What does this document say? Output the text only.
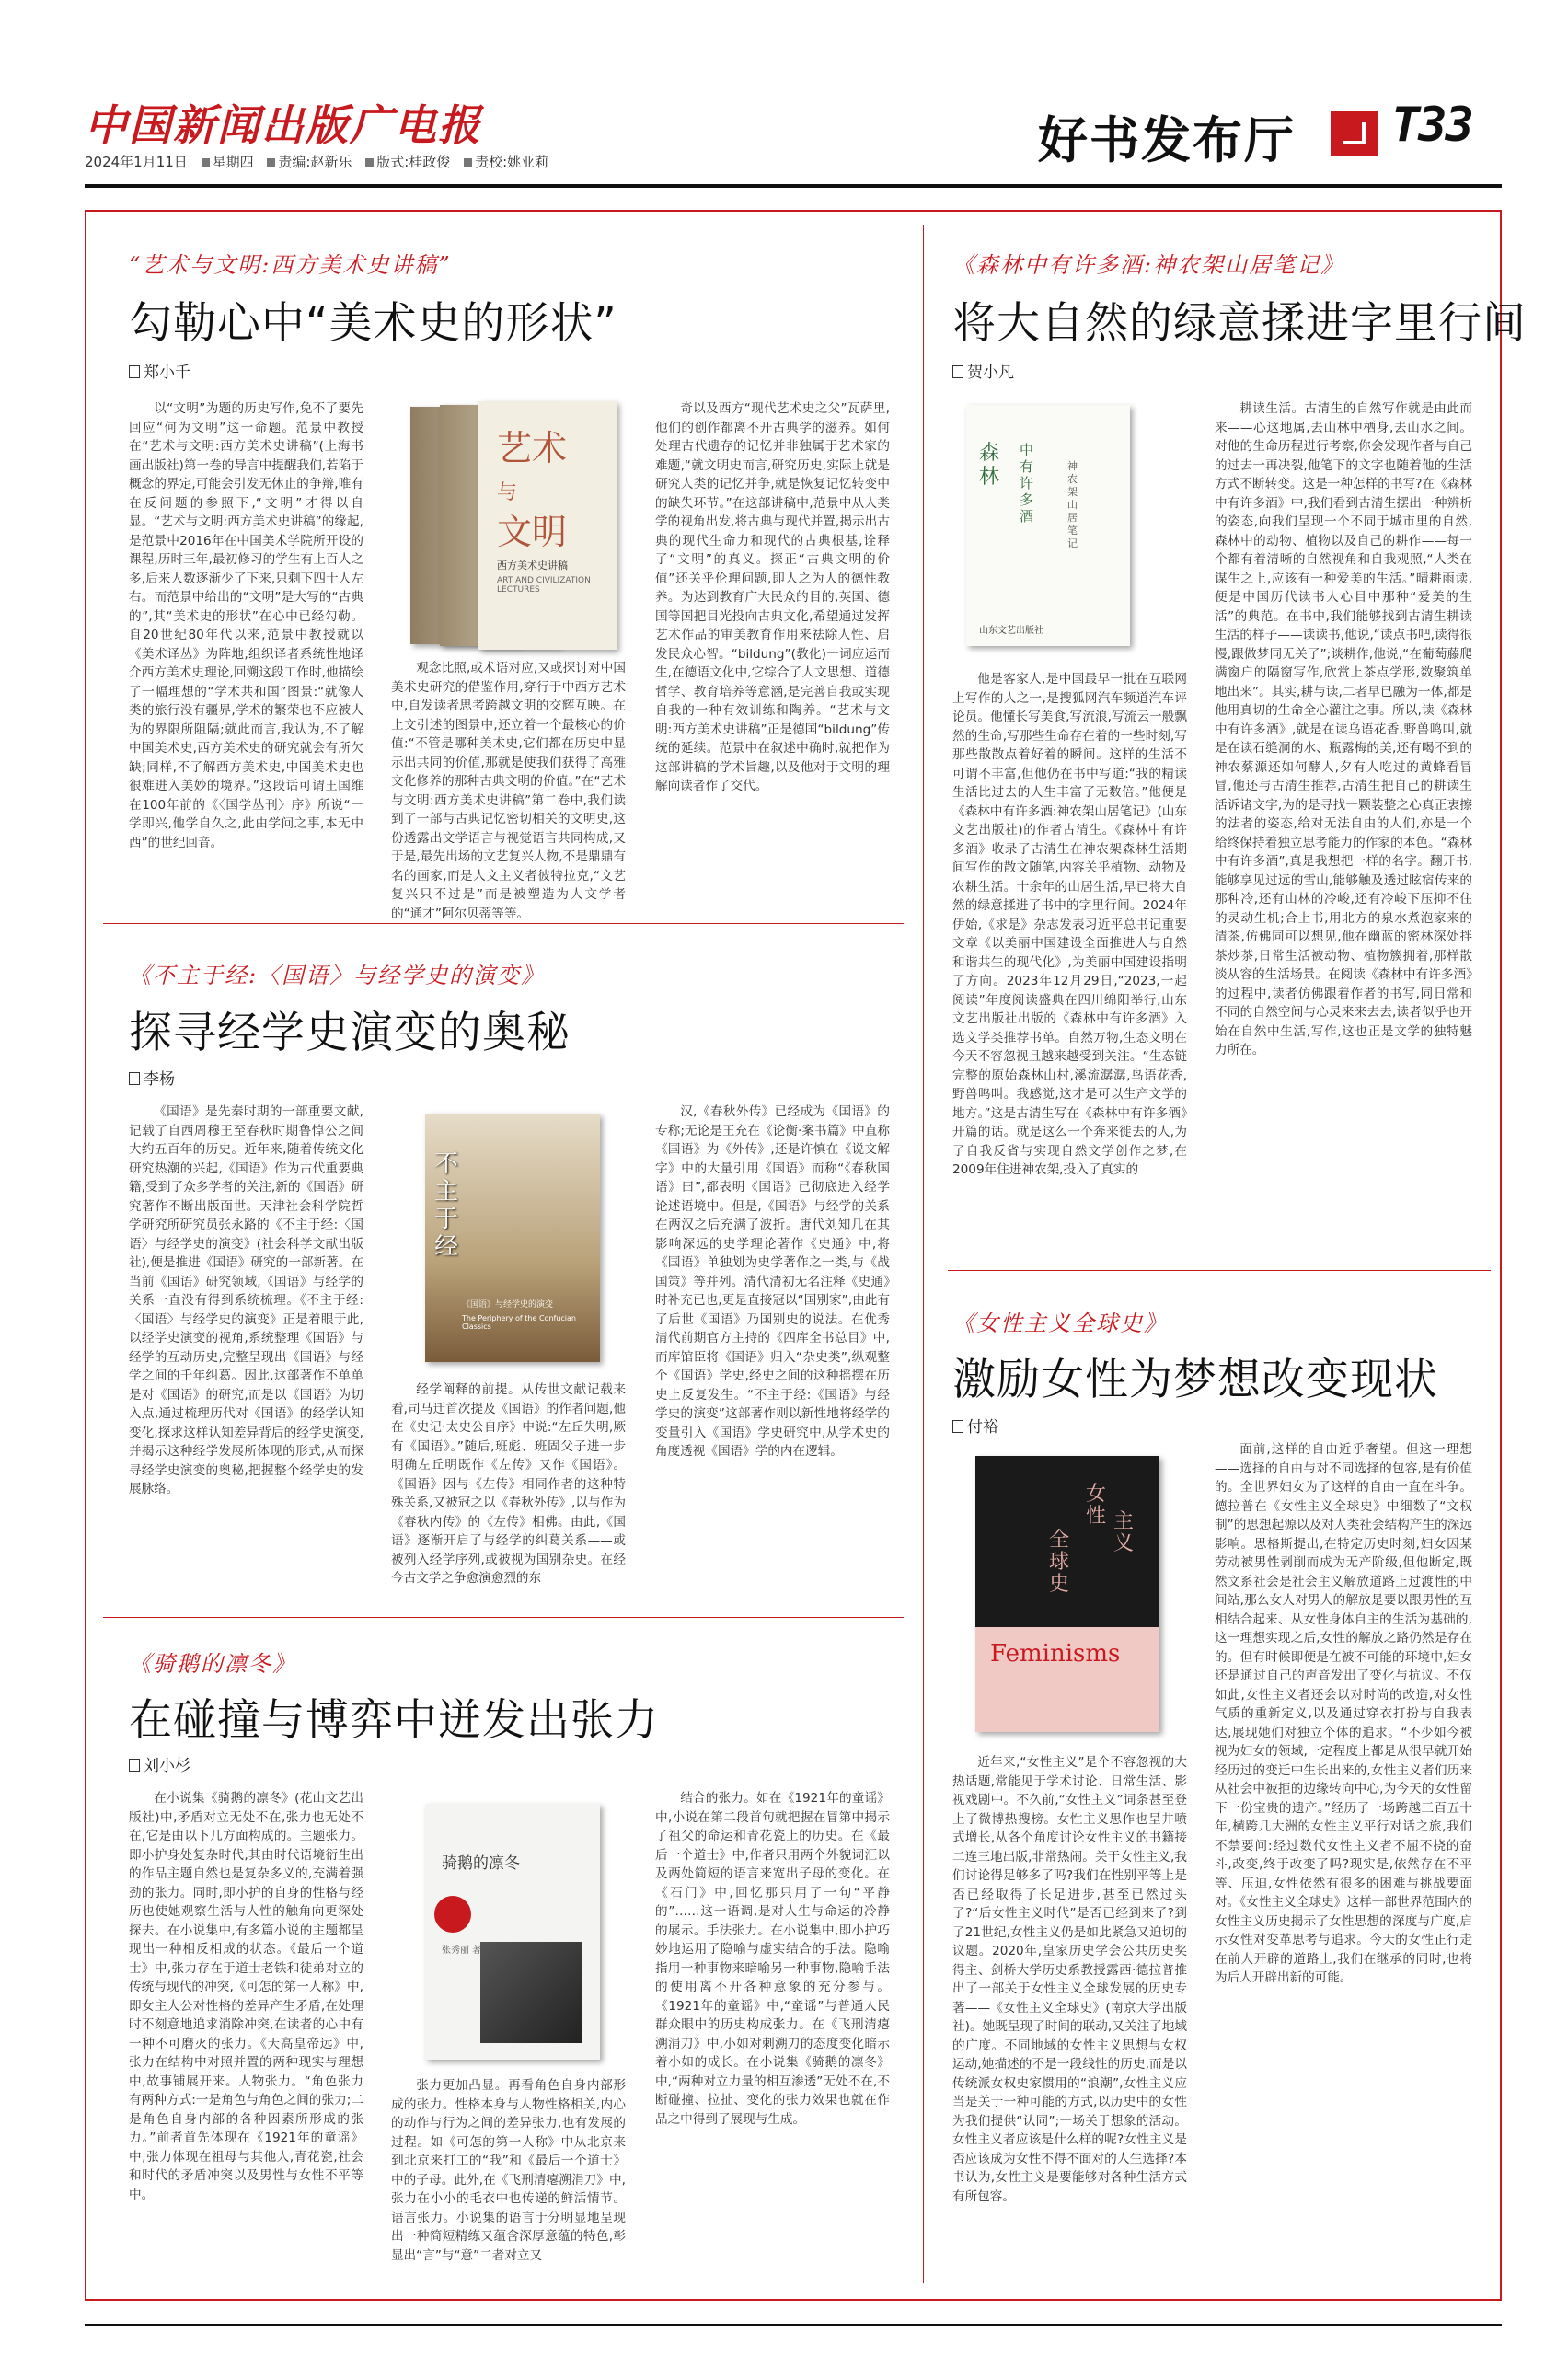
中国新闻出版广电报
2024年1月11日 星期四 责编:赵新乐 版式:桂政俊 责校:姚亚莉	好书发布厅 T33
“艺术与文明:西方美术史讲稿”
勾勒心中“美术史的形状”
郑小千
以“文明”为题的历史写作,免不了要先回应“何为文明”这一命题。范景中教授在“艺术与文明:西方美术史讲稿”(上海书画出版社)第一卷的导言中提醒我们,若陷于概念的界定,可能会引发无休止的争辩,唯有在反问题的参照下,“文明”才得以自显。“艺术与文明:西方美术史讲稿”的缘起,是范景中2016年在中国美术学院所开设的课程,历时三年,最初修习的学生有上百人之多,后来人数逐渐少了下来,只剩下四十人左右。而范景中给出的“文明”是大写的“古典的”,其“美术史的形状”在心中已经勾勒。自20世纪80年代以来,范景中教授就以《美术译丛》为阵地,组织译者系统性地译介西方美术史理论,回溯这段工作时,他描绘了一幅理想的“学术共和国”图景:“就像人类的旅行没有疆界,学术的繁荣也不应被人为的界限所阻隔;就此而言,我认为,不了解中国美术史,西方美术史的研究就会有所欠缺;同样,不了解西方美术史,中国美术史也很难进入美妙的境界。”这段话可谓王国维在100年前的《〈国学丛刊〉序》所说“一学即兴,他学自久之,此由学问之事,本无中西”的世纪回音。
艺术
与
文明
西方美术史讲稿
ART AND CIVILIZATION LECTURES
观念比照,或术语对应,又或探讨对中国美术史研究的借鉴作用,穿行于中西方艺术中,自发读者思考跨越文明的交辉互映。在上文引述的图景中,还立着一个最核心的价值:“不管是哪种美术史,它们都在历史中显示出共同的价值,那就是使我们获得了高雅文化修养的那种古典文明的价值。”在“艺术与文明:西方美术史讲稿”第二卷中,我们读到了一部与古典记忆密切相关的文明史,这份透露出文学语言与视觉语言共同构成,又于是,最先出场的文艺复兴人物,不是鼎鼎有名的画家,而是人文主义者彼特拉克,“文艺复兴只不过是”而是被塑造为人文学者的“通才”阿尔贝蒂等等。
奇以及西方“现代艺术史之父”瓦萨里,他们的创作都离不开古典学的滋养。如何处理古代遗存的记忆并非独属于艺术家的难题,“就文明史而言,研究历史,实际上就是研究人类的记忆并争,就是恢复记忆转变中的缺失环节。”在这部讲稿中,范景中从人类学的视角出发,将古典与现代并置,揭示出古典的现代生命力和现代的古典根基,诠释了“文明”的真义。探正“古典文明的价值”还关乎伦理问题,即人之为人的德性教养。为达到教育广大民众的目的,英国、德国等国把目光投向古典文化,希望通过发挥艺术作品的审美教育作用来祛除人性、启发民众心智。“bildung”(教化)一词应运而生,在德语文化中,它综合了人文思想、道德哲学、教育培养等意涵,是完善自我或实现自我的一种有效训练和陶养。“艺术与文明:西方美术史讲稿”正是德国“bildung”传统的延续。范景中在叙述中确时,就把作为这部讲稿的学术旨趣,以及他对于文明的理解向读者作了交代。
《不主于经:〈国语〉与经学史的演变》
探寻经学史演变的奥秘
李杨
《国语》是先秦时期的一部重要文献,记载了自西周穆王至春秋时期鲁悼公之间大约五百年的历史。近年来,随着传统文化研究热潮的兴起,《国语》作为古代重要典籍,受到了众多学者的关注,新的《国语》研究著作不断出版面世。天津社会科学院哲学研究所研究员张永路的《不主于经:〈国语〉与经学史的演变》(社会科学文献出版社),便是推进《国语》研究的一部新著。在当前《国语》研究领域,《国语》与经学的关系一直没有得到系统梳理。《不主于经:〈国语〉与经学史的演变》正是着眼于此,以经学史演变的视角,系统整理《国语》与经学的互动历史,完整呈现出《国语》与经学之间的千年纠葛。因此,这部著作不单单是对《国语》的研究,而是以《国语》为切入点,通过梳理历代对《国语》的经学认知变化,探求这样认知差异背后的经学史演变,并揭示这种经学发展所体现的形式,从而探寻经学史演变的奥秘,把握整个经学史的发展脉络。
不主于经
《国语》与经学史的演变
The Periphery of the Confucian Classics
经学阐释的前提。从传世文献记载来看,司马迁首次提及《国语》的作者问题,他在《史记·太史公自序》中说:“左丘失明,厥有《国语》。”随后,班彪、班固父子进一步明确左丘明既作《左传》又作《国语》。《国语》因与《左传》相同作者的这种特殊关系,又被冠之以《春秋外传》,以与作为《春秋内传》的《左传》相佛。由此,《国语》逐渐开启了与经学的纠葛关系——或被列入经学序列,或被视为国别杂史。在经今古文学之争愈演愈烈的东
汉,《春秋外传》已经成为《国语》的专称;无论是王充在《论衡·案书篇》中直称《国语》为《外传》,还是许慎在《说文解字》中的大量引用《国语》而称“《春秋国语》曰”,都表明《国语》已彻底进入经学论述语境中。但是,《国语》与经学的关系在两汉之后充满了波折。唐代刘知几在其影响深远的史学理论著作《史通》中,将《国语》单独划为史学著作之一类,与《战国策》等并列。清代清初无名注释《史通》时补充已也,更是直接冠以“国别家”,由此有了后世《国语》乃国别史的说法。在优秀清代前期官方主持的《四库全书总目》中,而库馆臣将《国语》归入“杂史类”,纵观整个《国语》学史,经史之间的这种摇摆在历史上反复发生。“不主于经:《国语》与经学史的演变”这部著作则以新性地将经学的变量引入《国语》学史研究中,从学术史的角度透视《国语》学的内在逻辑。
《骑鹅的凛冬》
在碰撞与博弈中迸发出张力
刘小杉
在小说集《骑鹅的凛冬》(花山文艺出版社)中,矛盾对立无处不在,张力也无处不在,它是由以下几方面构成的。主题张力。即小护身处复杂时代,其由时代语境衍生出的作品主题自然也是复杂多义的,充满着强劲的张力。同时,即小护的自身的性格与经历也使她观察生活与人性的触角向更深处探去。在小说集中,有多篇小说的主题都呈现出一种相反相成的状态。《最后一个道士》中,张力存在于道士老铁和徒弟对立的传统与现代的冲突,《可怎的第一人称》中,即女主人公对性格的差异产生矛盾,在处理时不刻意地追求消除冲突,在读者的心中有一种不可磨灭的张力。《天高皇帝远》中,张力在结构中对照并置的两种现实与理想中,故事铺展开来。人物张力。“角色张力有两种方式:一是角色与角色之间的张力;二是角色自身内部的各种因素所形成的张力。”前者首先体现在《1921年的童谣》中,张力体现在祖母与其他人,青花瓷,社会和时代的矛盾冲突以及男性与女性不平等中。
骑鹅的凛冬
张秀丽 著
张力更加凸显。再看角色自身内部形成的张力。性格本身与人物性格相关,内心的动作与行为之间的差异张力,也有发展的过程。如《可怎的第一人称》中从北京来到北京来打工的“我”和《最后一个道士》中的子母。此外,在《飞刑清瘪溯涓刀》中,张力在小小的毛衣中也传递的鲜活情节。语言张力。小说集的语言于分明显地呈现出一种简短精练又蕴含深厚意蕴的特色,彰显出“言”与“意”二者对立又
结合的张力。如在《1921年的童谣》中,小说在第二段首句就把握在冒第中揭示了祖父的命运和青花瓷上的历史。在《最后一个道士》中,作者只用两个外貌词汇以及两处简短的语言来宽出子母的变化。在《石门》中,回忆那只用了一句“平静的”……这一语调,是对人生与命运的冷静的展示。手法张力。在小说集中,即小护巧妙地运用了隐喻与虚实结合的手法。隐喻指用一种事物来暗喻另一种事物,隐喻手法的使用离不开各种意象的充分参与。《1921年的童谣》中,“童谣”与普通人民群众眼中的历史构成张力。在《飞刑清瘪溯涓刀》中,小如对刺溯刀的态度变化暗示着小如的成长。在小说集《骑鹅的凛冬》中,“两种对立力量的相互渗透”无处不在,不断碰撞、拉扯、变化的张力效果也就在作品之中得到了展现与生成。
《森林中有许多酒:神农架山居笔记》
将大自然的绿意揉进字里行间
贺小凡
森林
中有许多酒
神农架山居笔记
山东文艺出版社
他是客家人,是中国最早一批在互联网上写作的人之一,是搜狐网汽车频道汽车评论员。他懂长写美食,写流浪,写流云一般飘然的生命,写那些生命存在着的一些时刻,写那些散散点着好着的瞬间。这样的生活不可谓不丰富,但他仍在书中写道:“我的精读生活比过去的人生丰富了无数倍。”他便是《森林中有许多酒:神农架山居笔记》(山东文艺出版社)的作者古清生。《森林中有许多酒》收录了古清生在神农架森林生活期间写作的散文随笔,内容关乎植物、动物及农耕生活。十余年的山居生活,早已将大自然的绿意揉进了书中的字里行间。2024年伊始,《求是》杂志发表习近平总书记重要文章《以美丽中国建设全面推进人与自然和谐共生的现代化》,为美丽中国建设指明了方向。2023年12月29日,“2023,一起阅读”年度阅读盛典在四川绵阳举行,山东文艺出版社出版的《森林中有许多酒》入选文学类推荐书单。自然万物,生态文明在今天不容忽视且越来越受到关注。“生态链完整的原始森林山村,溪流潺潺,鸟语花香,野兽鸣叫。我感觉,这才是可以生产文学的地方。”这是古清生写在《森林中有许多酒》开篇的话。就是这么一个奔来徙去的人,为了自我反省与实现自然文学创作之梦,在2009年住进神农架,投入了真实的
耕读生活。古清生的自然写作就是由此而来——心这地属,去山林中栖身,去山水之间。对他的生命历程进行考察,你会发现作者与自己的过去一再决裂,他笔下的文字也随着他的生活方式不断转变。这是一种怎样的书写?在《森林中有许多酒》中,我们看到古清生摆出一种辨析的姿态,向我们呈现一个不同于城市里的自然,森林中的动物、植物以及自己的耕作——每一个都有着清晰的自然视角和自我观照,“人类在谋生之上,应该有一种爱美的生活。”晴耕雨读,便是中国历代读书人心目中那种“爱美的生活”的典范。在书中,我们能够找到古清生耕读生活的样子——读读书,他说,“读点书吧,读得很慢,跟做梦同无关了”;谈耕作,他说,“在葡萄藤爬满窗户的隔窗写作,欣赏上茶点学形,数聚筑单地出来”。其实,耕与读,二者早已融为一体,都是他用真切的生命全心灌注之事。所以,读《森林中有许多酒》,就是在读乌语花香,野兽鸣叫,就是在读石缝洞的水、瓶露梅的美,还有喝不到的神农蔡源还如何酵人,夕有人吃过的黄蜂看冒冒,他还与古清生推荐,古清生把自己的耕读生活诉诸文字,为的是寻找一颗装整之心真正衷擦的法者的姿态,给对无法自由的人们,亦是一个给终保持着独立思考能力的作家的本色。“森林中有许多酒”,真是我想把一样的名字。翻开书,能够享见过远的雪山,能够触及透过眩宿传来的那种冷,还有山林的冷峻,还有冷峻下压抑不住的灵动生机;合上书,用北方的泉水煮泡家来的清茶,仿佛同可以想见,他在幽蓝的密林深处拌茶炒茶,日常生活被动物、植物簇拥着,那样散淡从容的生活场景。在阅读《森林中有许多酒》的过程中,读者仿佛跟着作者的书写,同日常和不同的自然空间与心灵来来去去,读者似乎也开始在自然中生活,写作,这也正是文学的独特魅力所在。
《女性主义全球史》
激励女性为梦想改变现状
付裕
女性 主义
全球史
Feminisms
近年来,“女性主义”是个不容忽视的大热话题,常能见于学术讨论、日常生活、影视戏剧中。不久前,“女性主义”词条甚至登上了微博热搜榜。女性主义思作也呈井喷式增长,从各个角度讨论女性主义的书籍接二连三地出版,非常热闹。关于女性主义,我们讨论得足够多了吗?我们在性别平等上是否已经取得了长足进步,甚至已然过头了?“后女性主义时代”是否已经到来了?到了21世纪,女性主义仍是如此紧急又迫切的议题。2020年,皇家历史学会公共历史奖得主、剑桥大学历史系教授露西·德拉普推出了一部关于女性主义全球发展的历史专著——《女性主义全球史》(南京大学出版社)。她既呈现了时间的联动,又关注了地域的广度。不同地域的女性主义思想与女权运动,她描述的不是一段线性的历史,而是以传统派女权史家惯用的“浪潮”,女性主义应当是关于一种可能的方式,以历史中的女性为我们提供“认同”;一场关于想象的活动。女性主义者应该是什么样的呢?女性主义是否应该成为女性不得不面对的人生选择?本书认为,女性主义是要能够对各种生活方式有所包容。
面前,这样的自由近乎奢望。但这一理想——选择的自由与对不同选择的包容,是有价值的。全世界妇女为了这样的自由一直在斗争。德拉普在《女性主义全球史》中细数了“文权制”的思想起源以及对人类社会结构产生的深远影响。思格斯提出,在特定历史时刻,妇女因某劳动被男性剥削而成为无产阶级,但他断定,既然文系社会是社会主义解放道路上过渡性的中间站,那么女人对男人的解放是要以跟男性的互相结合起来、从女性身体自主的生活为基础的,这一理想实现之后,女性的解放之路仍然是存在的。但有时候即便是在被不可能的环境中,妇女还是通过自己的声音发出了变化与抗议。不仅如此,女性主义者还会以对时尚的改造,对女性气质的重新定义,以及通过穿衣打扮与自我表达,展现她们对独立个体的追求。“不少如今被视为妇女的领域,一定程度上都是从很早就开始经历过的变迁中生长出来的,女性主义者们历来从社会中被拒的边缘转向中心,为今天的女性留下一份宝贵的遗产。”经历了一场跨越三百五十年,横跨几大洲的女性主义平行对话之旅,我们不禁要问:经过数代女性主义者不屈不挠的奋斗,改变,终于改变了吗?现实是,依然存在不平等、压迫,女性依然有很多的困难与挑战要面对。《女性主义全球史》这样一部世界范围内的女性主义历史揭示了女性思想的深度与广度,启示女性对变革思考与追求。今天的女性正行走在前人开辟的道路上,我们在继承的同时,也将为后人开辟出新的可能。
